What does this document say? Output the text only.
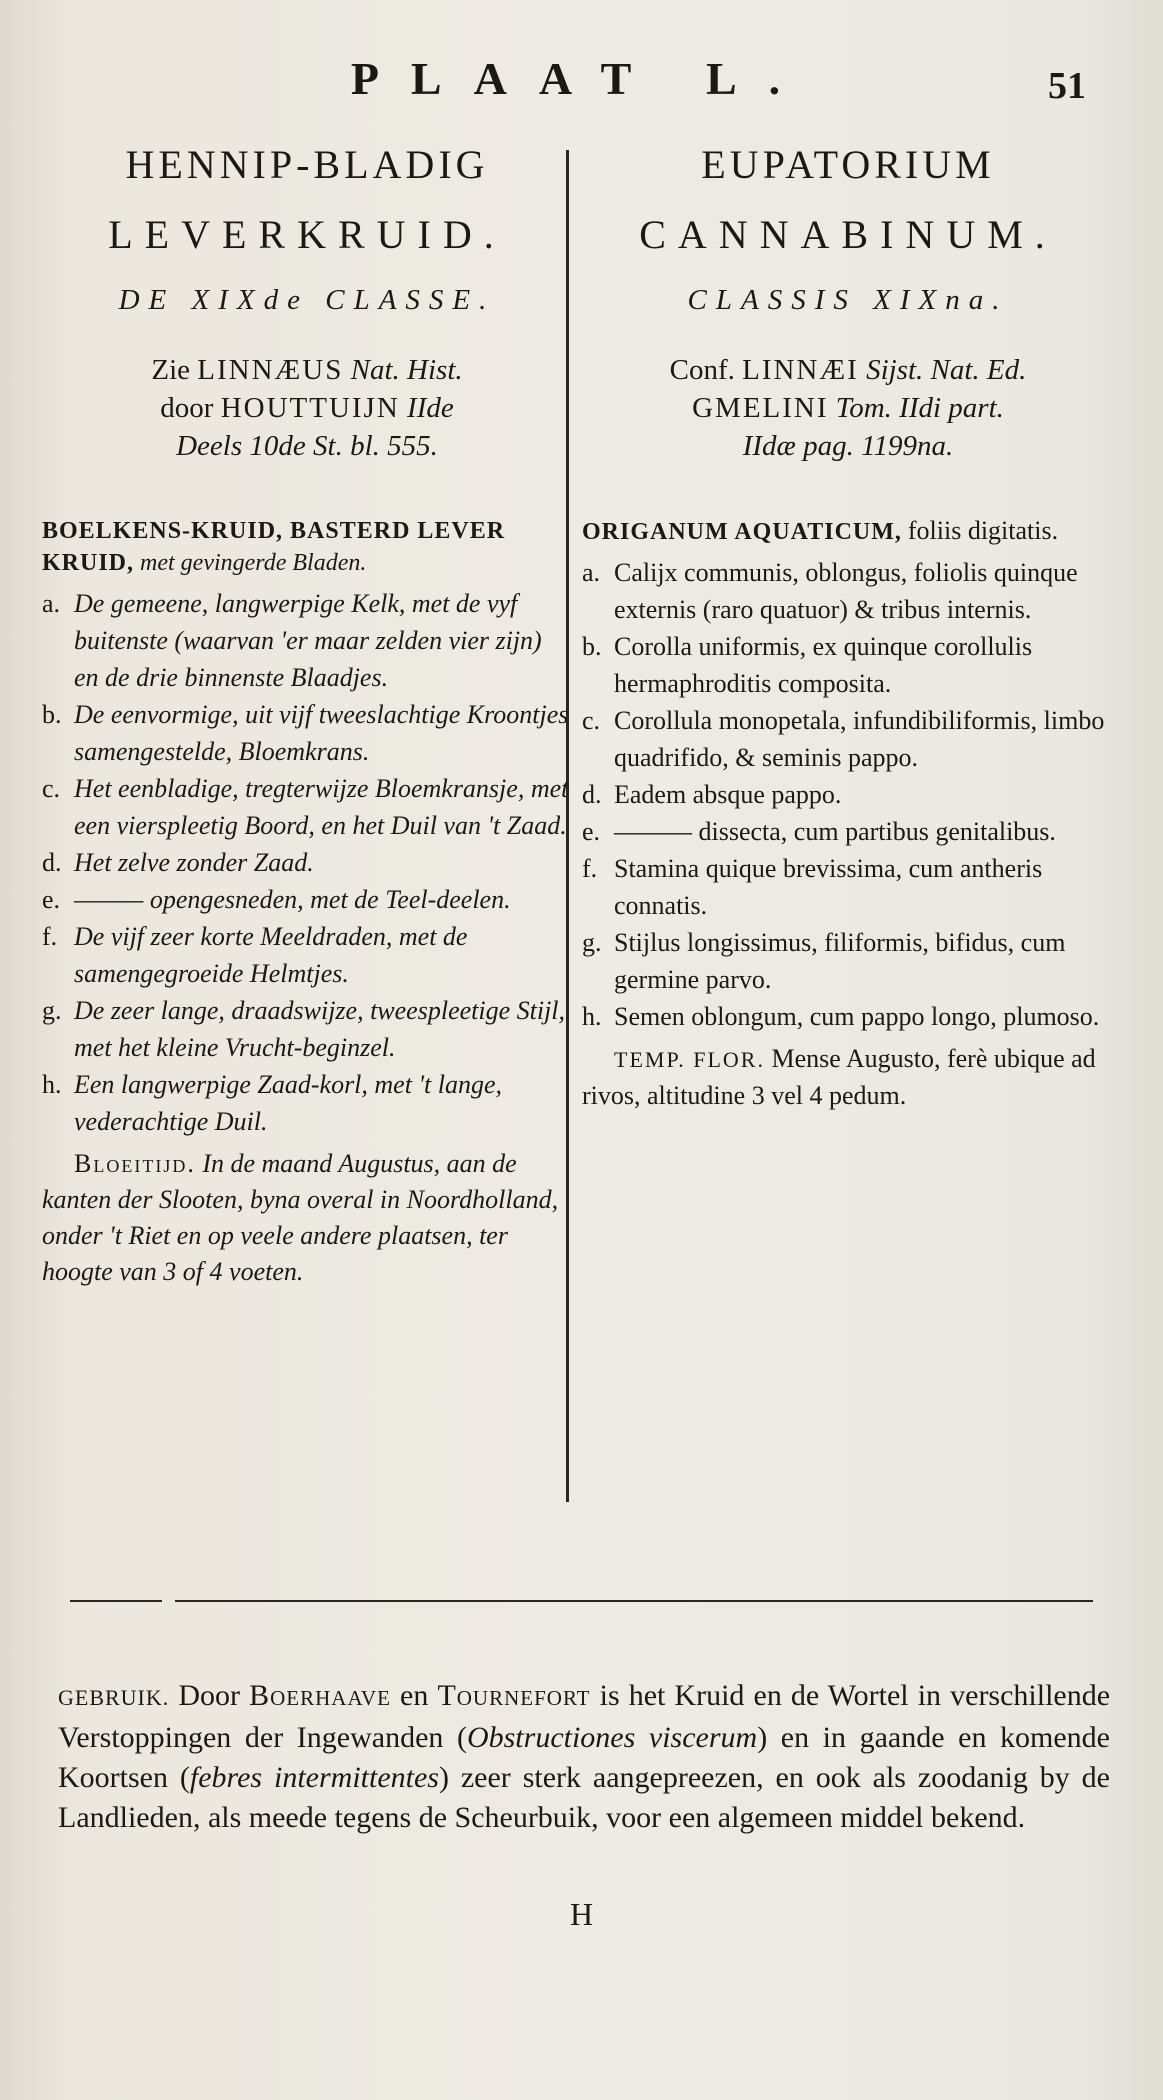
PLAAT L.	51

HENNIP-BLADIG

LEVERKRUID.

DE XIXde CLASSE.
Zie LINNÆUS Nat. Hist.
door HOUTTUIJN IIde
Deels 10de St. bl. 555.
BOELKENS-KRUID, BASTERD LEVER KRUID, met gevingerde Bladen.
a. De gemeene, langwerpige Kelk, met de vyf buitenste (waarvan 'er maar zelden vier zijn) en de drie binnenste Blaadjes.
b. De eenvormige, uit vijf tweeslachtige Kroontjes samengestelde, Bloemkrans.
c. Het eenbladige, tregterwijze Bloemkransje, met een vierspleetig Boord, en het Duil van 't Zaad.
d. Het zelve zonder Zaad.
e. ——— opengesneden, met de Teel-deelen.
f. De vijf zeer korte Meeldraden, met de samengegroeide Helmtjes.
g. De zeer lange, draadswijze, tweespleetige Stijl, met het kleine Vrucht-beginzel.
h. Een langwerpige Zaad-korl, met 't lange, vederachtige Duil.
Bloeitijd. In de maand Augustus, aan de kanten der Slooten, byna overal in Noordholland, onder 't Riet en op veele andere plaatsen, ter hoogte van 3 of 4 voeten.

EUPATORIUM

CANNABINUM.

CLASSIS XIXna.
Conf. LINNÆI Sijst. Nat. Ed.
GMELINI Tom. IIdi part.
IIdæ pag. 1199na.
ORIGANUM AQUATICUM, foliis digitatis.
a. Calijx communis, oblongus, foliolis quinque externis (raro quatuor) & tribus internis.
b. Corolla uniformis, ex quinque corollulis hermaphroditis composita.
c. Corollula monopetala, infundibiliformis, limbo quadrifido, & seminis pappo.
d. Eadem absque pappo.
e. ——— dissecta, cum partibus genitalibus.
f. Stamina quique brevissima, cum antheris connatis.
g. Stijlus longissimus, filiformis, bifidus, cum germine parvo.
h. Semen oblongum, cum pappo longo, plumoso.
TEMP. FLOR. Mense Augusto, ferè ubique ad rivos, altitudine 3 vel 4 pedum.
GEBRUIK. Door Boerhaave en Tournefort is het Kruid en de Wortel in verschillende Verstoppingen der Ingewanden (Obstructiones viscerum) en in gaande en komende Koortsen (febres intermittentes) zeer sterk aangepreezen, en ook als zoodanig by de Landlieden, als meede tegens de Scheurbuik, voor een algemeen middel bekend.
H
